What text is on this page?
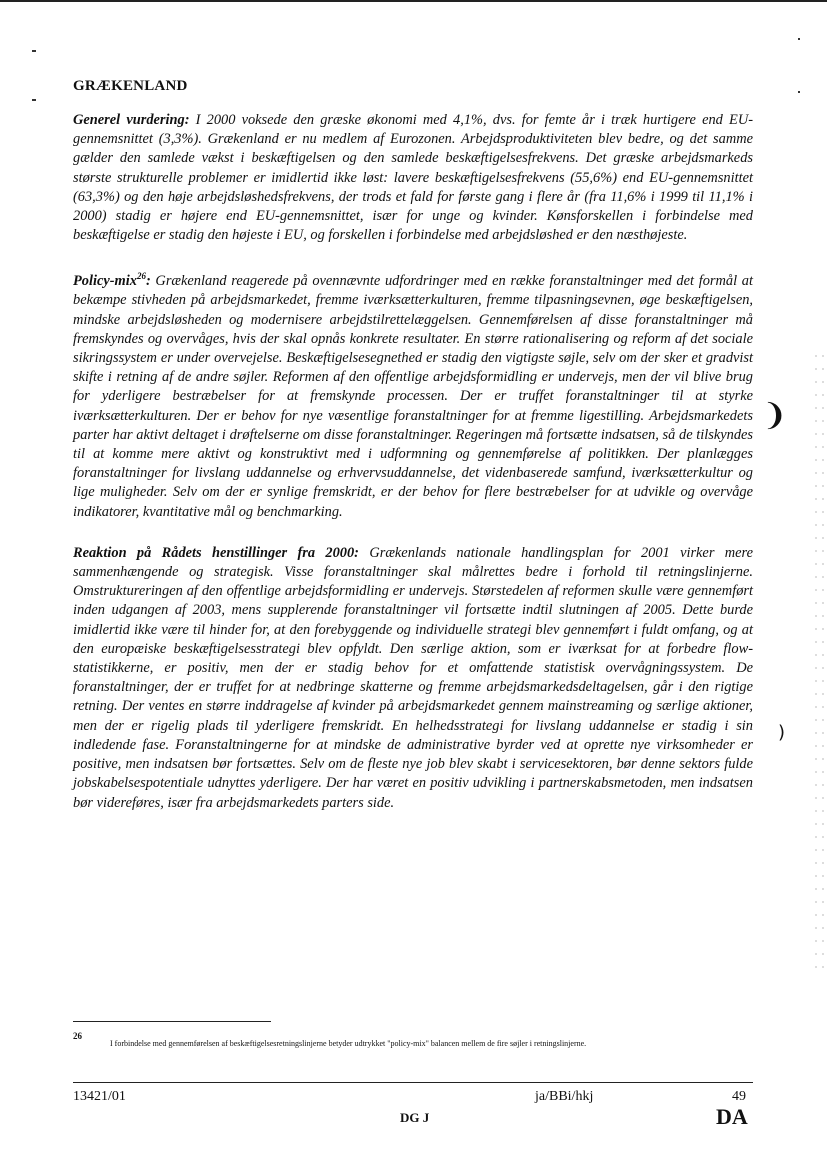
❩
)
GRÆKENLAND

Generel vurdering: I 2000 voksede den græske økonomi med 4,1%, dvs. for femte år i træk hurtigere end EU-gennemsnittet (3,3%). Grækenland er nu medlem af Eurozonen. Arbejdsproduktiviteten blev bedre, og det samme gælder den samlede vækst i beskæftigelsen og den samlede beskæftigelsesfrekvens. Det græske arbejdsmarkeds største strukturelle problemer er imidlertid ikke løst: lavere beskæftigelsesfrekvens (55,6%) end EU-gennemsnittet (63,3%) og den høje arbejdsløshedsfrekvens, der trods et fald for første gang i flere år (fra 11,6% i 1999 til 11,1% i 2000) stadig er højere end EU-gennemsnittet, især for unge og kvinder. Kønsforskellen i forbindelse med beskæftigelse er stadig den højeste i EU, og forskellen i forbindelse med arbejdsløshed er den næsthøjeste.

Policy-mix$^{26}$: Grækenland reagerede på ovennævnte udfordringer med en række foranstaltninger med det formål at bekæmpe stivheden på arbejdsmarkedet, fremme iværksætterkulturen, fremme tilpasningsevnen, øge beskæftigelsen, mindske arbejdsløsheden og modernisere arbejdstilrettelæggelsen. Gennemførelsen af disse foranstaltninger må fremskyndes og overvåges, hvis der skal opnås konkrete resultater. En større rationalisering og reform af det sociale sikringssystem er under overvejelse. Beskæftigelsesegnethed er stadig den vigtigste søjle, selv om der sker et gradvist skifte i retning af de andre søjler. Reformen af den offentlige arbejdsformidling er undervejs, men der vil blive brug for yderligere bestræbelser for at fremskynde processen. Der er truffet foranstaltninger til at styrke iværksætterkulturen. Der er behov for nye væsentlige foranstaltninger for at fremme ligestilling. Arbejdsmarkedets parter har aktivt deltaget i drøftelserne om disse foranstaltninger. Regeringen må fortsætte indsatsen, så de tilskyndes til at komme mere aktivt og konstruktivt med i udformning og gennemførelse af politikken. Der planlægges foranstaltninger for livslang uddannelse og erhvervsuddannelse, det videnbaserede samfund, iværksætterkultur og lige muligheder. Selv om der er synlige fremskridt, er der behov for flere bestræbelser for at udvikle og overvåge indikatorer, kvantitative mål og benchmarking.

Reaktion på Rådets henstillinger fra 2000: Grækenlands nationale handlingsplan for 2001 virker mere sammenhængende og strategisk. Visse foranstaltninger skal målrettes bedre i forhold til retningslinjerne. Omstruktureringen af den offentlige arbejdsformidling er undervejs. Størstedelen af reformen skulle være gennemført inden udgangen af 2003, mens supplerende foranstaltninger vil fortsætte indtil slutningen af 2005. Dette burde imidlertid ikke være til hinder for, at den forebyggende og individuelle strategi blev gennemført i fuldt omfang, og at den europæiske beskæftigelsesstrategi blev opfyldt. Den særlige aktion, som er iværksat for at forbedre flow-statistikkerne, er positiv, men der er stadig behov for et omfattende statistisk overvågningssystem. De foranstaltninger, der er truffet for at nedbringe skatterne og fremme arbejdsmarkedsdeltagelsen, går i den rigtige retning. Der ventes en større inddragelse af kvinder på arbejdsmarkedet gennem mainstreaming og særlige aktioner, men der er rigelig plads til yderligere fremskridt. En helhedsstrategi for livslang uddannelse er stadig i sin indledende fase. Foranstaltningerne for at mindske de administrative byrder ved at oprette nye virksomheder er positive, men indsatsen bør fortsættes. Selv om de fleste nye job blev skabt i servicesektoren, bør denne sektors fulde jobskabelsespotentiale udnyttes yderligere. Der har været en positiv udvikling i partnerskabsmetoden, men indsatsen bør videreføres, især fra arbejdsmarkedets parters side.

26
I forbindelse med gennemførelsen af beskæftigelsesretningslinjerne betyder udtrykket "policy-mix" balancen mellem de fire søjler i retningslinjerne.
13421/01	ja/BBi/hkj	49
DG J	DA
